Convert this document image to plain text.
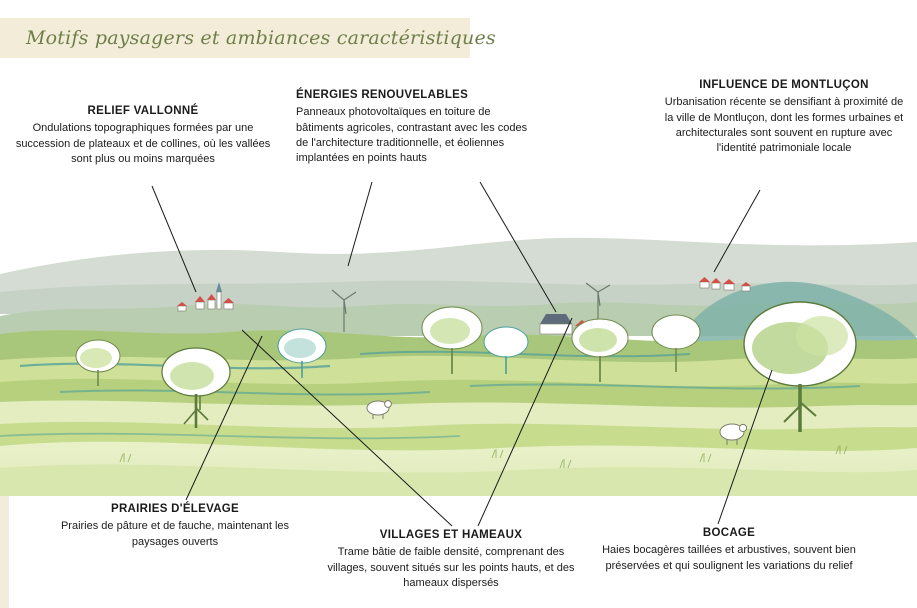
Motifs paysagers et ambiances caractéristiques

RELIEF VALLONNÉ

Ondulations topographiques formées par une succession de plateaux et de collines, où les vallées sont plus ou moins marquées

ÉNERGIES RENOUVELABLES

Panneaux photovoltaïques en toiture de bâtiments agricoles, contrastant avec les codes de l'architecture traditionnelle, et éoliennes implantées en points hauts

INFLUENCE DE MONTLUÇON

Urbanisation récente se densifiant à proximité de la ville de Montluçon, dont les formes urbaines et architecturales sont souvent en rupture avec l'identité patrimoniale locale

PRAIRIES D'ÉLEVAGE

Prairies de pâture et de fauche, maintenant les paysages ouverts

VILLAGES ET HAMEAUX

Trame bâtie de faible densité, comprenant des villages, souvent situés sur les points hauts, et des hameaux dispersés

BOCAGE

Haies bocagères taillées et arbustives, souvent bien préservées et qui soulignent les variations du relief
